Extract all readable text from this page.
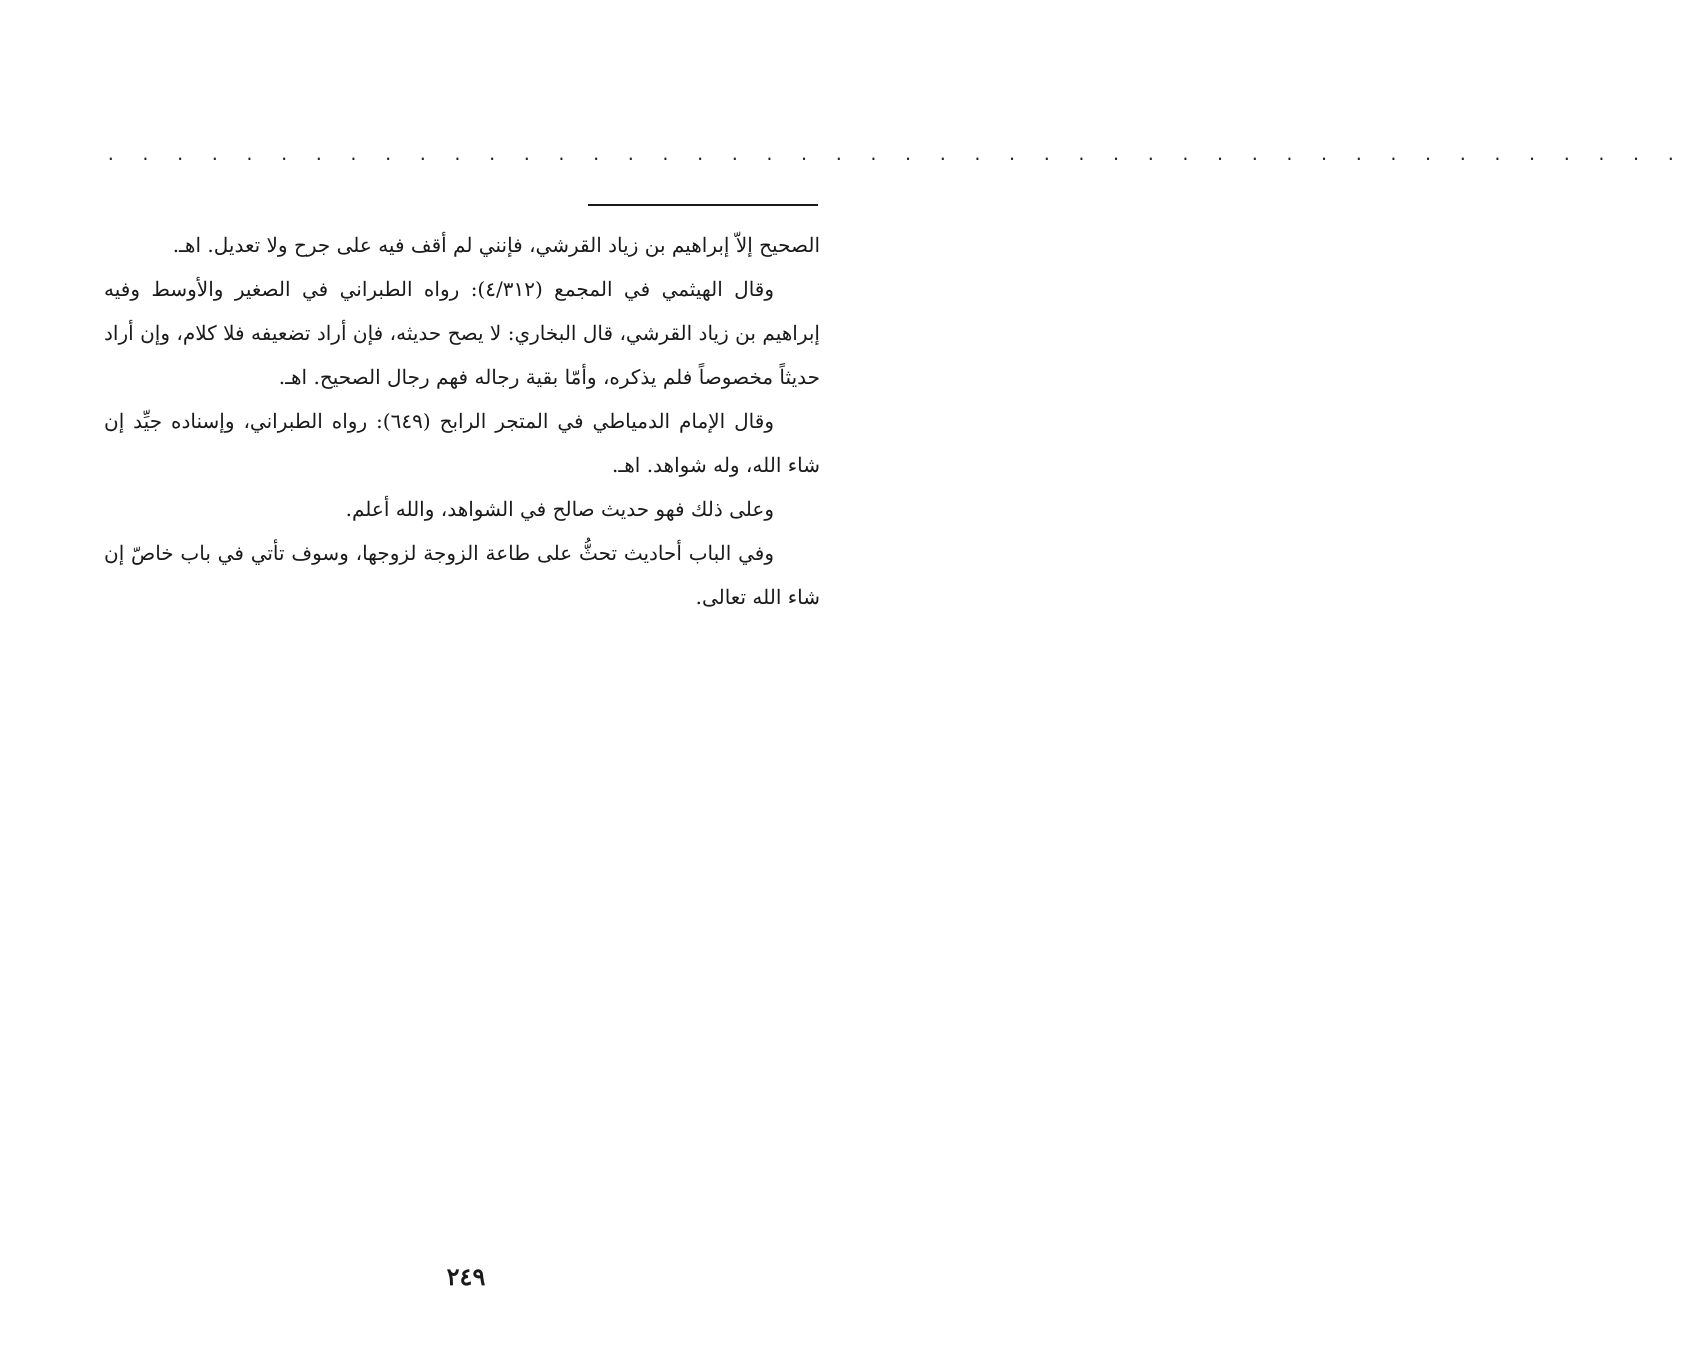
. . . . . . . . . . . . . . . . . . . . . . . . . . . . . . . . . . . . . . . . . . . . . .

الصحيح إلاّ إبراهيم بن زياد القرشي، فإنني لم أقف فيه على جرح ولا تعديل. اهـ.

وقال الهيثمي في المجمع (٤/٣١٢): رواه الطبراني في الصغير والأوسط وفيه إبراهيم بن زياد القرشي، قال البخاري: لا يصح حديثه، فإن أراد تضعيفه فلا كلام، وإن أراد حديثاً مخصوصاً فلم يذكره، وأمّا بقية رجاله فهم رجال الصحيح. اهـ.

وقال الإمام الدمياطي في المتجر الرابح (٦٤٩): رواه الطبراني، وإسناده جيِّد إن شاء الله، وله شواهد. اهـ.

وعلى ذلك فهو حديث صالح في الشواهد، والله أعلم.

وفي الباب أحاديث تحثُّ على طاعة الزوجة لزوجها، وسوف تأتي في باب خاصّ إن شاء الله تعالى.

٢٤٩
